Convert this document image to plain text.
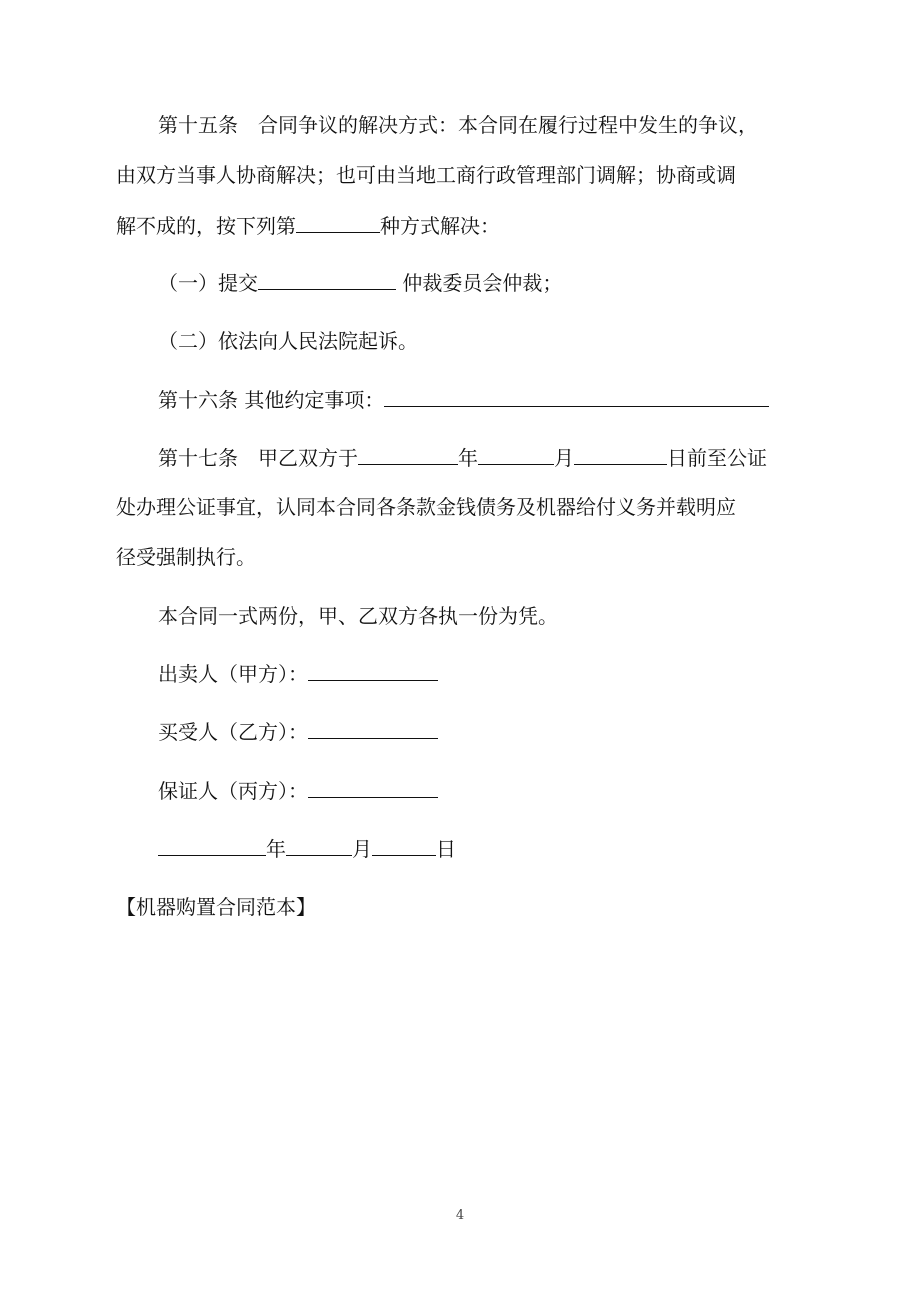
第十五条　合同争议的解决方式：本合同在履行过程中发生的争议，
由双方当事人协商解决；也可由当地工商行政管理部门调解；协商或调
解不成的，按下列第	种方式解决：
（一）提交	仲裁委员会仲裁；
（二）依法向人民法院起诉。
第十六条 其他约定事项：
第十七条　甲乙双方于	年	月	日前至公证
处办理公证事宜，认同本合同各条款金钱债务及机器给付义务并载明应
径受强制执行。
本合同一式两份，甲、乙双方各执一份为凭。
出卖人（甲方）：
买受人（乙方）：
保证人（丙方）：
年	月	日
【机器购置合同范本】
4
